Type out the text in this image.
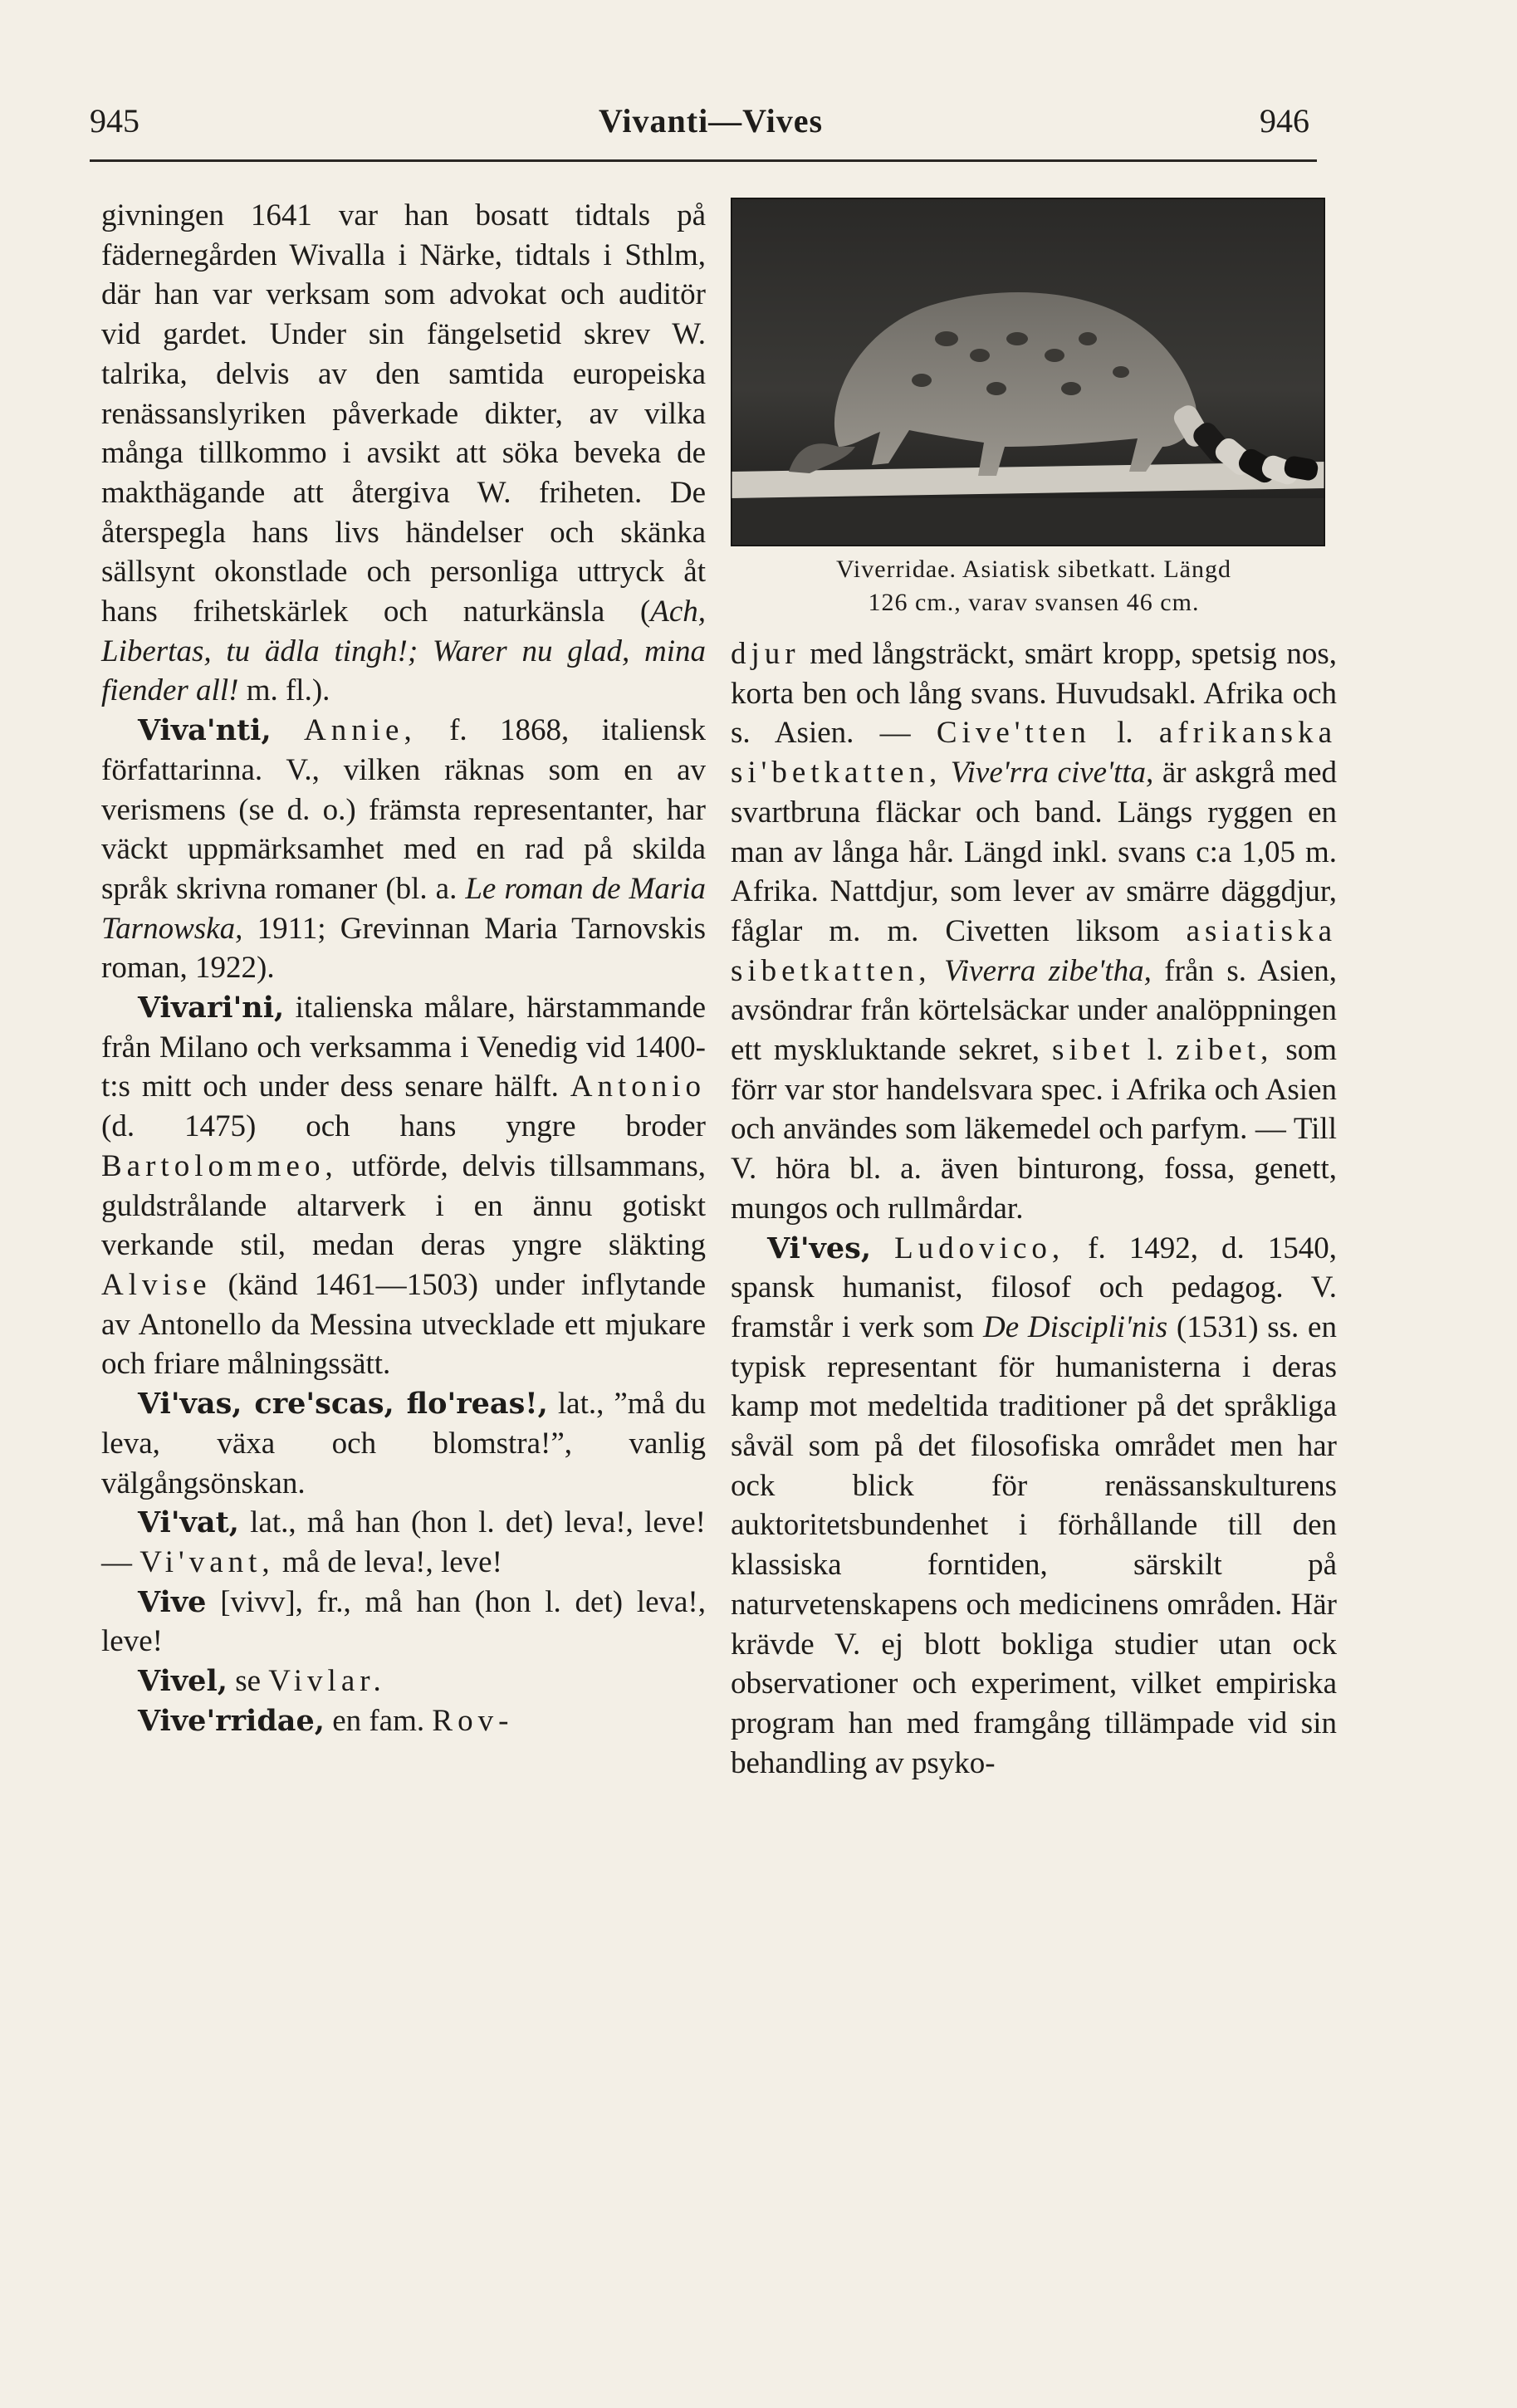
945	Vivanti—Vives	946

givningen 1641 var han bosatt tidtals på fädernegården Wivalla i Närke, tidtals i Sthlm, där han var verksam som advokat och auditör vid gardet. Under sin fängelsetid skrev W. talrika, delvis av den samtida europeiska renässanslyriken påverkade dikter, av vilka många tillkommo i avsikt att söka beveka de makthägande att återgiva W. friheten. De återspegla hans livs händelser och skänka sällsynt okonstlade och personliga uttryck åt hans frihetskärlek och naturkänsla (Ach, Libertas, tu ädla tingh!; Warer nu glad, mina fiender all! m. fl.).

Viva'nti, Annie, f. 1868, italiensk författarinna. V., vilken räknas som en av verismens (se d. o.) främsta representanter, har väckt uppmärksamhet med en rad på skilda språk skrivna romaner (bl. a. Le roman de Maria Tarnowska, 1911; Grevinnan Maria Tarnovskis roman, 1922).

Vivari'ni, italienska målare, härstammande från Milano och verksamma i Venedig vid 1400-t:s mitt och under dess senare hälft. Antonio (d. 1475) och hans yngre broder Bartolommeo, utförde, delvis tillsammans, guldstrålande altarverk i en ännu gotiskt verkande stil, medan deras yngre släkting Alvise (känd 1461—1503) under inflytande av Antonello da Messina utvecklade ett mjukare och friare målningssätt.

Vi'vas, cre'scas, flo'reas!, lat., ”må du leva, växa och blomstra!”, vanlig välgångsönskan.

Vi'vat, lat., må han (hon l. det) leva!, leve! — Vi'vant, må de leva!, leve!

Vive [vivv], fr., må han (hon l. det) leva!, leve!

Vivel, se Vivlar.

Vive'rridae, en fam. Rov-

Viverridae. Asiatisk sibetkatt. Längd
126 cm., varav svansen 46 cm.

djur med långsträckt, smärt kropp, spetsig nos, korta ben och lång svans. Huvudsakl. Afrika och s. Asien. — Cive'tten l. afrikanska si'betkatten, Vive'rra cive'tta, är askgrå med svartbruna fläckar och band. Längs ryggen en man av långa hår. Längd inkl. svans c:a 1,05 m. Afrika. Nattdjur, som lever av smärre däggdjur, fåglar m. m. Civetten liksom asiatiska sibetkatten, Viverra zibe'tha, från s. Asien, avsöndrar från körtelsäckar under analöppningen ett myskluktande sekret, sibet l. zibet, som förr var stor handelsvara spec. i Afrika och Asien och användes som läkemedel och parfym. — Till V. höra bl. a. även binturong, fossa, genett, mungos och rullmårdar.

Vi'ves, Ludovico, f. 1492, d. 1540, spansk humanist, filosof och pedagog. V. framstår i verk som De Discipli'nis (1531) ss. en typisk representant för humanisterna i deras kamp mot medeltida traditioner på det språkliga såväl som på det filosofiska området men har ock blick för renässanskulturens auktoritetsbundenhet i förhållande till den klassiska forntiden, särskilt på naturvetenskapens och medicinens områden. Här krävde V. ej blott bokliga studier utan ock observationer och experiment, vilket empiriska program han med framgång tillämpade vid sin behandling av psyko-
